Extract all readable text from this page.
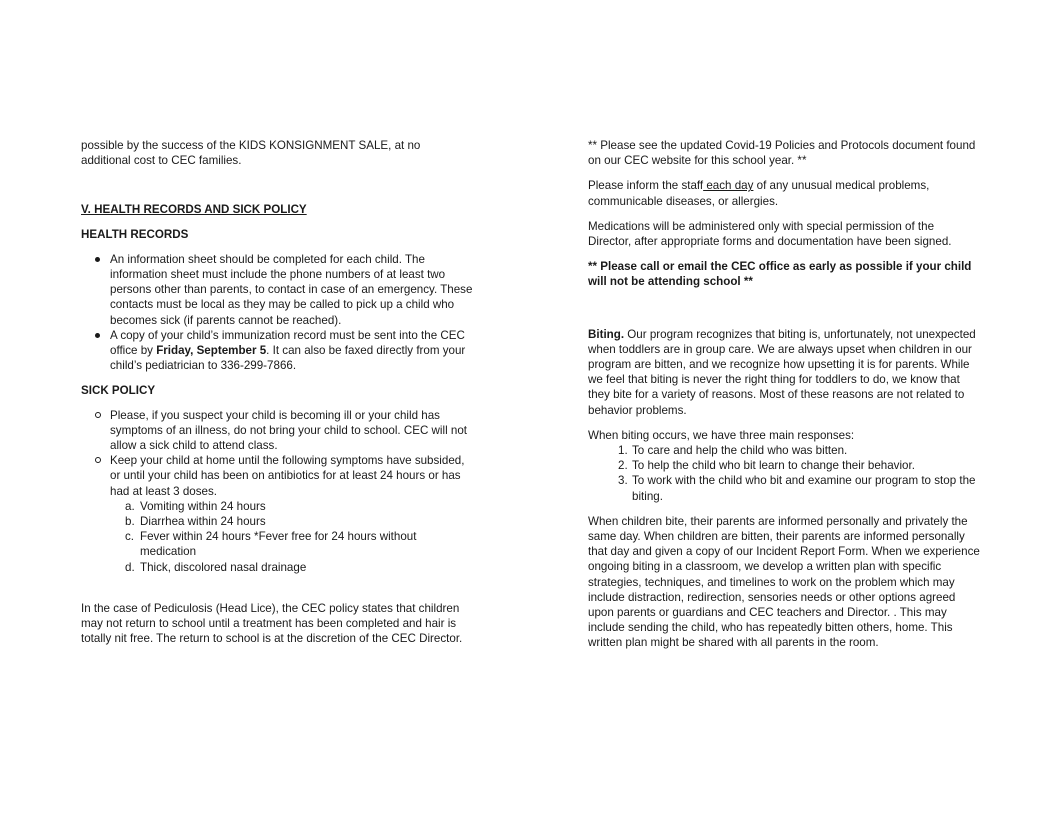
possible by the success of the KIDS KONSIGNMENT SALE, at no additional cost to CEC families.

V. HEALTH RECORDS AND SICK POLICY

HEALTH RECORDS

An information sheet should be completed for each child. The information sheet must include the phone numbers of at least two persons other than parents, to contact in case of an emergency. These contacts must be local as they may be called to pick up a child who becomes sick (if parents cannot be reached).
A copy of your child’s immunization record must be sent into the CEC office by Friday, September 5. It can also be faxed directly from your child’s pediatrician to 336-299-7866.

SICK POLICY

Please, if you suspect your child is becoming ill or your child has symptoms of an illness, do not bring your child to school. CEC will not allow a sick child to attend class.
Keep your child at home until the following symptoms have subsided, or until your child has been on antibiotics for at least 24 hours or has had at least 3 doses.
a. Vomiting within 24 hours
b. Diarrhea within 24 hours
c. Fever within 24 hours *Fever free for 24 hours without medication
d. Thick, discolored nasal drainage

In the case of Pediculosis (Head Lice), the CEC policy states that children may not return to school until a treatment has been completed and hair is totally nit free. The return to school is at the discretion of the CEC Director.

** Please see the updated Covid-19 Policies and Protocols document found on our CEC website for this school year. **

Please inform the staff each day of any unusual medical problems, communicable diseases, or allergies.

Medications will be administered only with special permission of the Director, after appropriate forms and documentation have been signed.

** Please call or email the CEC office as early as possible if your child will not be attending school **

Biting. Our program recognizes that biting is, unfortunately, not unexpected when toddlers are in group care. We are always upset when children in our program are bitten, and we recognize how upsetting it is for parents. While we feel that biting is never the right thing for toddlers to do, we know that they bite for a variety of reasons. Most of these reasons are not related to behavior problems.

When biting occurs, we have three main responses:

1. To care and help the child who was bitten.
2. To help the child who bit learn to change their behavior.
3. To work with the child who bit and examine our program to stop the biting.

When children bite, their parents are informed personally and privately the same day. When children are bitten, their parents are informed personally that day and given a copy of our Incident Report Form. When we experience ongoing biting in a classroom, we develop a written plan with specific strategies, techniques, and timelines to work on the problem which may include distraction, redirection, sensories needs or other options agreed upon parents or guardians and CEC teachers and Director. . This may include sending the child, who has repeatedly bitten others, home. This written plan might be shared with all parents in the room.
